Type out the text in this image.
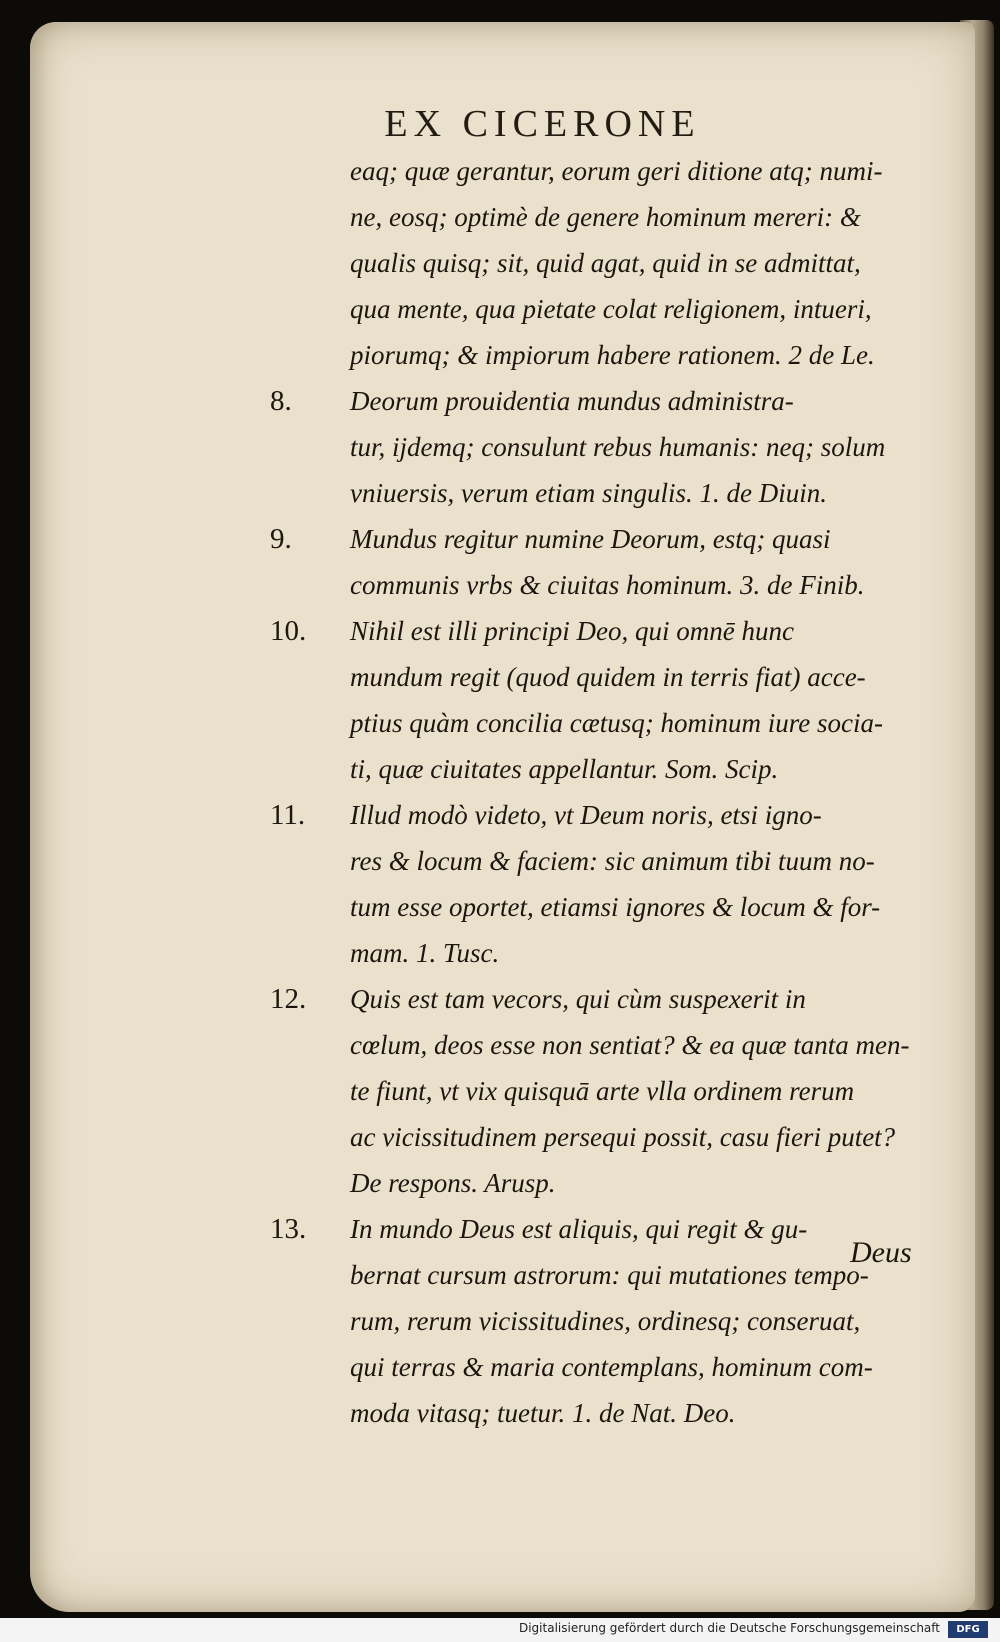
EX CICERONE
eaq; quæ gerantur, eorum geri ditione atq; numi-
ne, eosq; optimè de genere hominum mereri: &
qualis quisq; sit, quid agat, quid in se admittat,
qua mente, qua pietate colat religionem, intueri,
piorumq; & impiorum habere rationem. 2 de Le.
8.	Deorum prouidentia mundus administra-
tur, ijdemq; consulunt rebus humanis: neq; solum
vniuersis, verum etiam singulis. 1. de Diuin.
9.	Mundus regitur numine Deorum, estq; quasi
communis vrbs & ciuitas hominum. 3. de Finib.
10.	Nihil est illi principi Deo, qui omnē hunc
mundum regit (quod quidem in terris fiat) acce-
ptius quàm concilia cætusq; hominum iure socia-
ti, quæ ciuitates appellantur. Som. Scip.
11.	Illud modò videto, vt Deum noris, etsi igno-
res & locum & faciem: sic animum tibi tuum no-
tum esse oportet, etiamsi ignores & locum & for-
mam. 1. Tusc.
12.	Quis est tam vecors, qui cùm suspexerit in
cœlum, deos esse non sentiat? & ea quæ tanta men-
te fiunt, vt vix quisquā arte vlla ordinem rerum
ac vicissitudinem persequi possit, casu fieri putet?
De respons. Arusp.
13.	In mundo Deus est aliquis, qui regit & gu-
bernat cursum astrorum: qui mutationes tempo-
rum, rerum vicissitudines, ordinesq; conseruat,
qui terras & maria contemplans, hominum com-
moda vitasq; tuetur. 1. de Nat. Deo.
Deus
Digitalisierung gefördert durch die Deutsche Forschungsgemeinschaft	DFG
